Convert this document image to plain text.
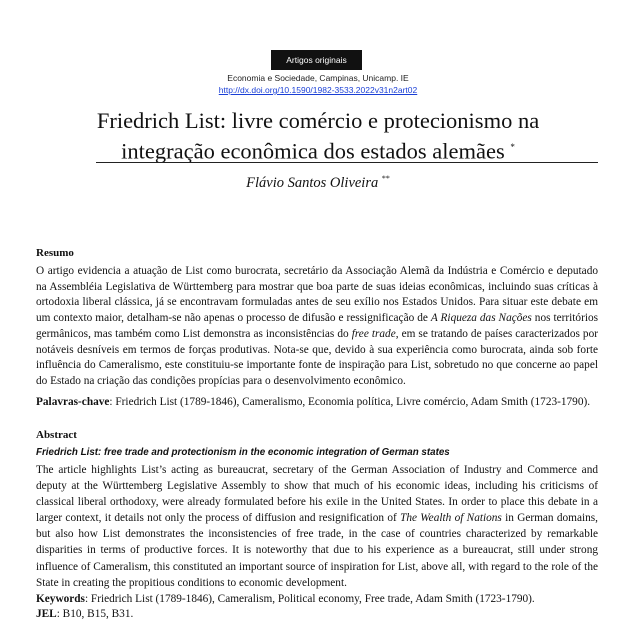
Artigos originais
Economia e Sociedade, Campinas, Unicamp. IE
http://dx.doi.org/10.1590/1982-3533.2022v31n2art02
Friedrich List: livre comércio e protecionismo na
integração econômica dos estados alemães *
Flávio Santos Oliveira **
Resumo

O artigo evidencia a atuação de List como burocrata, secretário da Associação Alemã da Indústria e Comércio e deputado na Assembléia Legislativa de Württemberg para mostrar que boa parte de suas ideias econômicas, incluindo suas críticas à ortodoxia liberal clássica, já se encontravam formuladas antes de seu exílio nos Estados Unidos. Para situar este debate em um contexto maior, detalham-se não apenas o processo de difusão e ressignificação de A Riqueza das Nações nos territórios germânicos, mas também como List demonstra as inconsistências do free trade, em se tratando de países caracterizados por notáveis desníveis em termos de forças produtivas. Nota-se que, devido à sua experiência como burocrata, ainda sob forte influência do Cameralismo, este constituiu-se importante fonte de inspiração para List, sobretudo no que concerne ao papel do Estado na criação das condições propícias para o desenvolvimento econômico.

Palavras-chave: Friedrich List (1789-1846), Cameralismo, Economia política, Livre comércio, Adam Smith (1723-1790).
Abstract
Friedrich List: free trade and protectionism in the economic integration of German states

The article highlights List’s acting as bureaucrat, secretary of the German Association of Industry and Commerce and deputy at the Württemberg Legislative Assembly to show that much of his economic ideas, including his criticisms of classical liberal orthodoxy, were already formulated before his exile in the United States. In order to place this debate in a larger context, it details not only the process of diffusion and resignification of The Wealth of Nations in German domains, but also how List demonstrates the inconsistencies of free trade, in the case of countries characterized by remarkable disparities in terms of productive forces. It is noteworthy that due to his experience as a bureaucrat, still under strong influence of Cameralism, this constituted an important source of inspiration for List, above all, with regard to the role of the State in creating the propitious conditions to economic development.

Keywords: Friedrich List (1789-1846), Cameralism, Political economy, Free trade, Adam Smith (1723-1790).
JEL: B10, B15, B31.
